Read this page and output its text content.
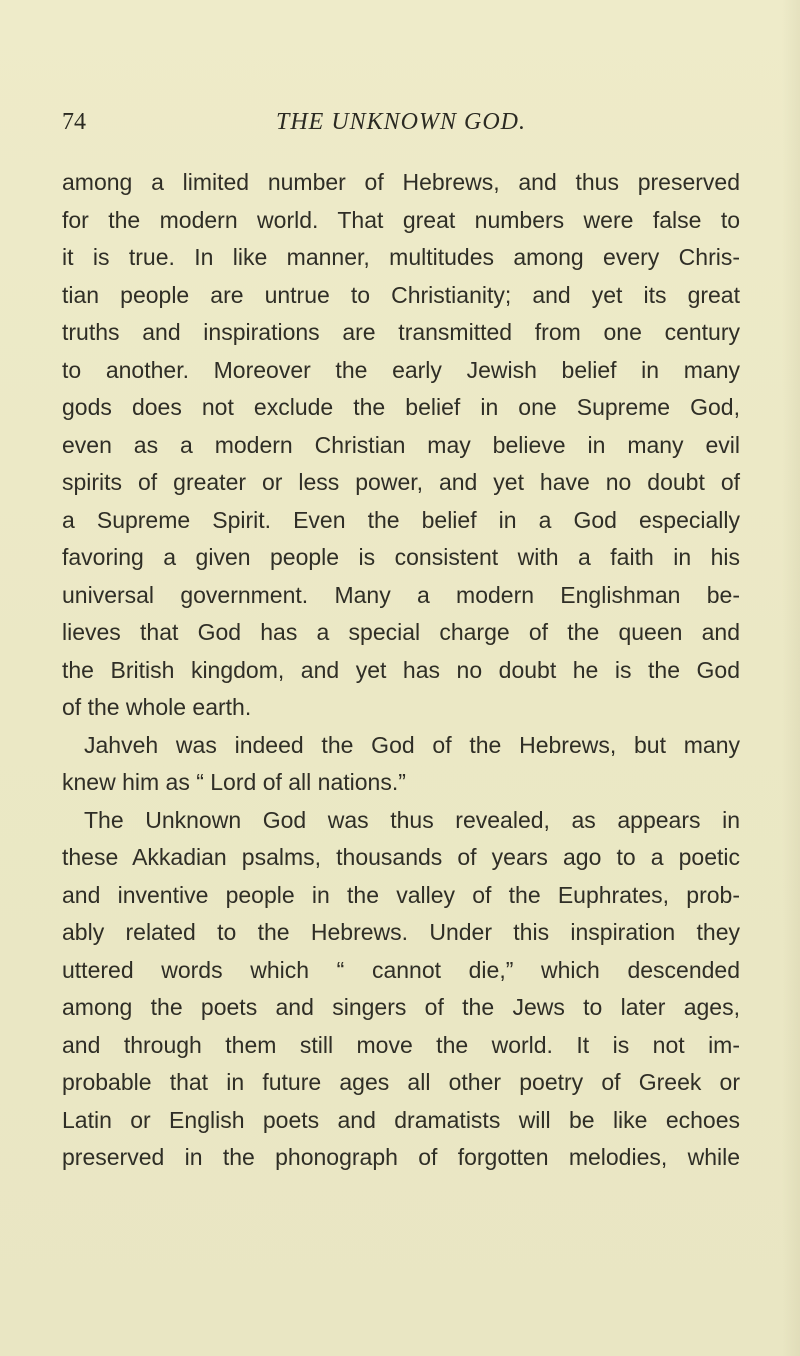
74	THE UNKNOWN GOD.
among a limited number of Hebrews, and thus preserved
for the modern world. That great numbers were false to
it is true. In like manner, multitudes among every Chris-
tian people are untrue to Christianity; and yet its great
truths and inspirations are transmitted from one century
to another. Moreover the early Jewish belief in many
gods does not exclude the belief in one Supreme God,
even as a modern Christian may believe in many evil
spirits of greater or less power, and yet have no doubt of
a Supreme Spirit. Even the belief in a God especially
favoring a given people is consistent with a faith in his
universal government. Many a modern Englishman be-
lieves that God has a special charge of the queen and
the British kingdom, and yet has no doubt he is the God
of the whole earth.
Jahveh was indeed the God of the Hebrews, but many
knew him as “ Lord of all nations.”
The Unknown God was thus revealed, as appears in
these Akkadian psalms, thousands of years ago to a poetic
and inventive people in the valley of the Euphrates, prob-
ably related to the Hebrews. Under this inspiration they
uttered words which “ cannot die,” which descended
among the poets and singers of the Jews to later ages,
and through them still move the world. It is not im-
probable that in future ages all other poetry of Greek or
Latin or English poets and dramatists will be like echoes
preserved in the phonograph of forgotten melodies, while
